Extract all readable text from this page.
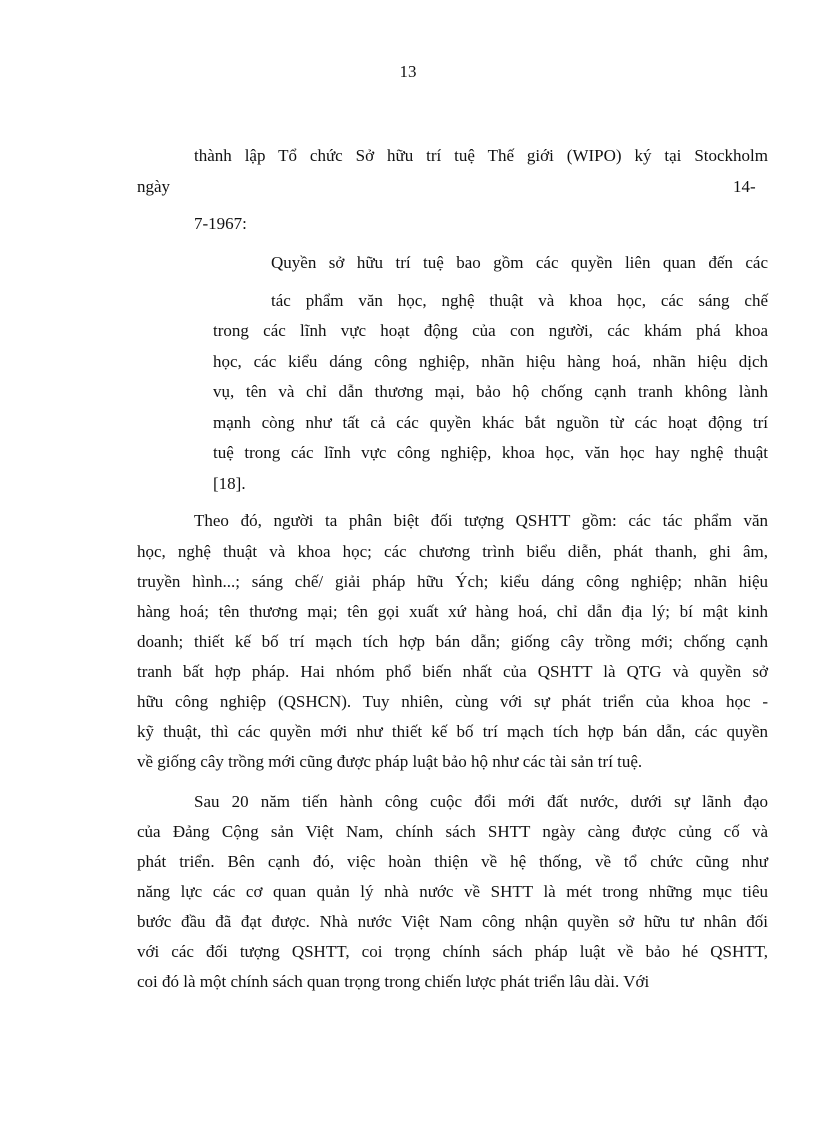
13
thành lập Tổ chức Sở hữu trí tuệ Thế giới (WIPO) ký tại Stockholm
ngày	14-
7-1967:
Quyền sở hữu trí tuệ bao gồm các quyền liên quan đến các
tác phẩm văn học, nghệ thuật và khoa học, các sáng chế
trong các lĩnh vực hoạt động của con người, các khám phá khoa
học, các kiểu dáng công nghiệp, nhãn hiệu hàng hoá, nhãn hiệu dịch
vụ, tên và chỉ dẫn thương mại, bảo hộ chống cạnh tranh không lành
mạnh còng như tất cả các quyền khác bắt nguồn từ các hoạt động trí
tuệ trong các lĩnh vực công nghiệp, khoa học, văn học hay nghệ thuật
[18].
Theo đó, người ta phân biệt đối tượng QSHTT gồm: các tác phẩm văn
học, nghệ thuật và khoa học; các chương trình biểu diễn, phát thanh, ghi âm,
truyền hình...; sáng chế/ giải pháp hữu Ých; kiểu dáng công nghiệp; nhãn hiệu
hàng hoá; tên thương mại; tên gọi xuất xứ hàng hoá, chỉ dẫn địa lý; bí mật kinh
doanh; thiết kế bố trí mạch tích hợp bán dẫn; giống cây trồng mới; chống cạnh
tranh bất hợp pháp. Hai nhóm phổ biến nhất của QSHTT là QTG và quyền sở
hữu công nghiệp (QSHCN). Tuy nhiên, cùng với sự phát triển của khoa học -
kỹ thuật, thì các quyền mới như thiết kế bố trí mạch tích hợp bán dẫn, các quyền
về giống cây trồng mới cũng được pháp luật bảo hộ như các tài sản trí tuệ.
Sau 20 năm tiến hành công cuộc đổi mới đất nước, dưới sự lãnh đạo
của Đảng Cộng sản Việt Nam, chính sách SHTT ngày càng được củng cố và
phát triển. Bên cạnh đó, việc hoàn thiện về hệ thống, về tổ chức cũng như
năng lực các cơ quan quản lý nhà nước về SHTT là mét trong những mục tiêu
bước đầu đã đạt được. Nhà nước Việt Nam công nhận quyền sở hữu tư nhân đối
với các đối tượng QSHTT, coi trọng chính sách pháp luật về bảo hé QSHTT,
coi đó là một chính sách quan trọng trong chiến lược phát triển lâu dài. Với
